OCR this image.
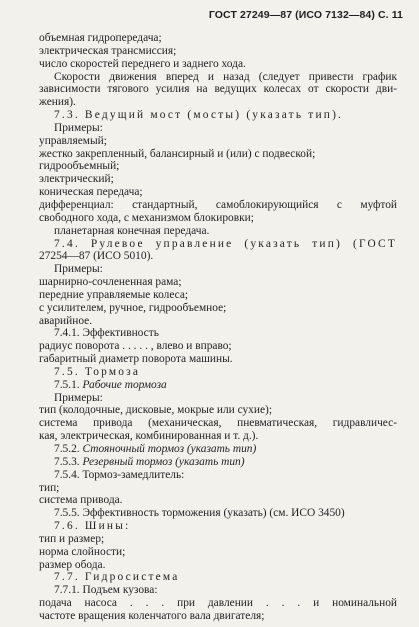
ГОСТ 27249—87 (ИСО 7132—84) С. 11
объемная гидропередача;
электрическая трансмиссия;
число скоростей переднего и заднего хода.
Скорости движения вперед и назад (следует привести график
зависимости тягового усилия на ведущих колесах от скорости дви-
жения).
7.3. Ведущий мост (мосты) (указать тип).
Примеры:
управляемый;
жестко закрепленный, балансирный и (или) с подвеской;
гидрообъемный;
электрический;
коническая передача;
дифференциал: стандартный, самоблокирующийся с муфтой
свободного хода, с механизмом блокировки;
планетарная конечная передача.
7.4. Рулевое управление (указать тип) (ГОСТ
27254—87 (ИСО 5010).
Примеры:
шарнирно-сочлененная рама;
передние управляемые колеса;
с усилителем, ручное, гидрообъемное;
аварийное.
7.4.1. Эффективность
радиус поворота . . . . . , влево и вправо;
габаритный диаметр поворота машины.
7.5. Тормоза
7.5.1. Рабочие тормоза
Примеры:
тип (колодочные, дисковые, мокрые или сухие);
система привода (механическая, пневматическая, гидравличес-
кая, электрическая, комбинированная и т. д.).
7.5.2. Стояночный тормоз (указать тип)
7.5.3. Резервный тормоз (указать тип)
7.5.4. Тормоз-замедлитель:
тип;
система привода.
7.5.5. Эффективность торможения (указать) (см. ИСО 3450)
7.6. Шины:
тип и размер;
норма слойности;
размер обода.
7.7. Гидросистема
7.7.1. Подъем кузова:
подача насоса . . . при давлении . . . и номинальной
частоте вращения коленчатого вала двигателя;
